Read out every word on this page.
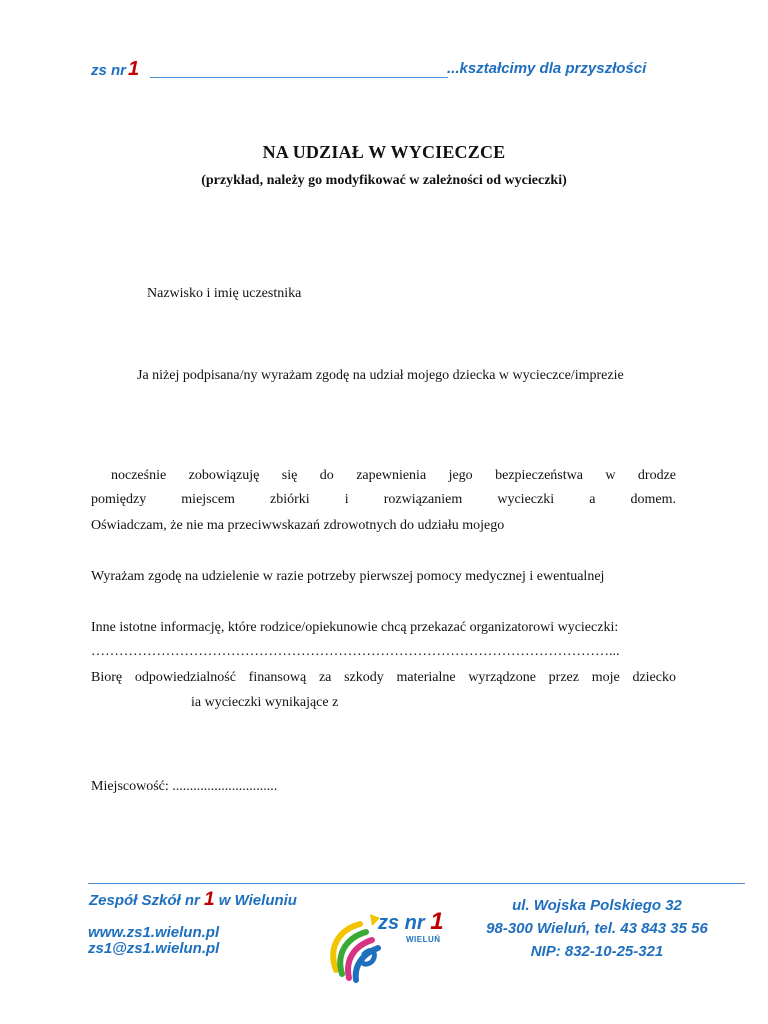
zs nr 1	...kształcimy dla przyszłości
NA UDZIAŁ W WYCIECZCE
(przykład, należy go modyfikować w zależności od wycieczki)
Nazwisko i imię uczestnika
Ja niżej podpisana/ny wyrażam zgodę na udział mojego dziecka w wycieczce/imprezie
nocześnie zobowiązuję się do zapewnienia jego bezpieczeństwa w drodze
pomiędzy miejscem zbiórki i rozwiązaniem wycieczki a domem.
Oświadczam, że nie ma przeciwwskazań zdrowotnych do udziału mojego
Wyrażam zgodę na udzielenie w razie potrzeby pierwszej pomocy medycznej i ewentualnej
Inne istotne informację, które rodzice/opiekunowie chcą przekazać organizatorowi wycieczki:
…………………………………………………………………………………………………...
Biorę odpowiedzialność finansową za szkody materialne wyrządzone przez moje dziecko
ia wycieczki wynikające z
Miejscowość: ..............................
Zespół Szkół nr 1 w Wieluniu
www.zs1.wielun.pl
zs1@zs1.wielun.pl
ul. Wojska Polskiego 32
98-300 Wieluń, tel. 43 843 35 56
NIP: 832-10-25-321
zs nr 1
WIELUŃ
